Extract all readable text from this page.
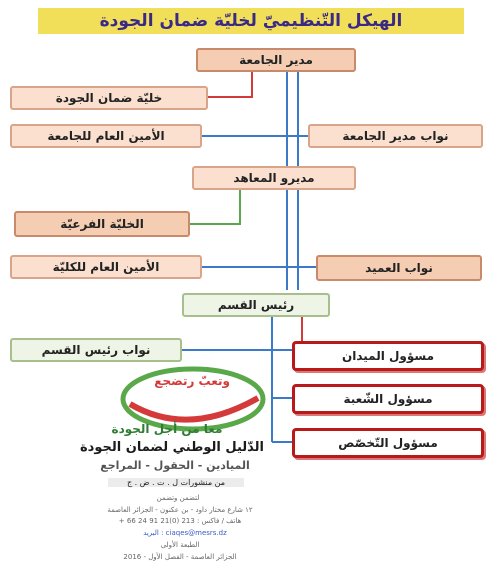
الهيكل التّنظيميّ لخليّة ضمان الجودة
وتعبّ رتضجع
معا من أجل الجودة
الدّليل الوطني لضمان الجودة
الميادين - الحقول - المراجع
من منشورات ل . ت . ض . ج
لتضمن وتضمن
١٢ شارع مختار داود - بن عكنون - الجزائر العاصمة
هاتف / فاكس : 213 (0)21 91 24 66 +
ciaqes@mesrs.dz : البريد
الطبعة الأولى
الجزائر العاصمة - الفصل الأول - 2016
مدير الجامعة
خليّة ضمان الجودة
الأمين العام للجامعة	نواب مدير الجامعة
مديرو المعاهد
الخليّة الفرعيّة
الأمين العام للكليّة	نواب العميد
رئيس القسم
نواب رئيس القسم	مسؤول الميدان
مسؤول الشّعبة
مسؤول التّخصّص
